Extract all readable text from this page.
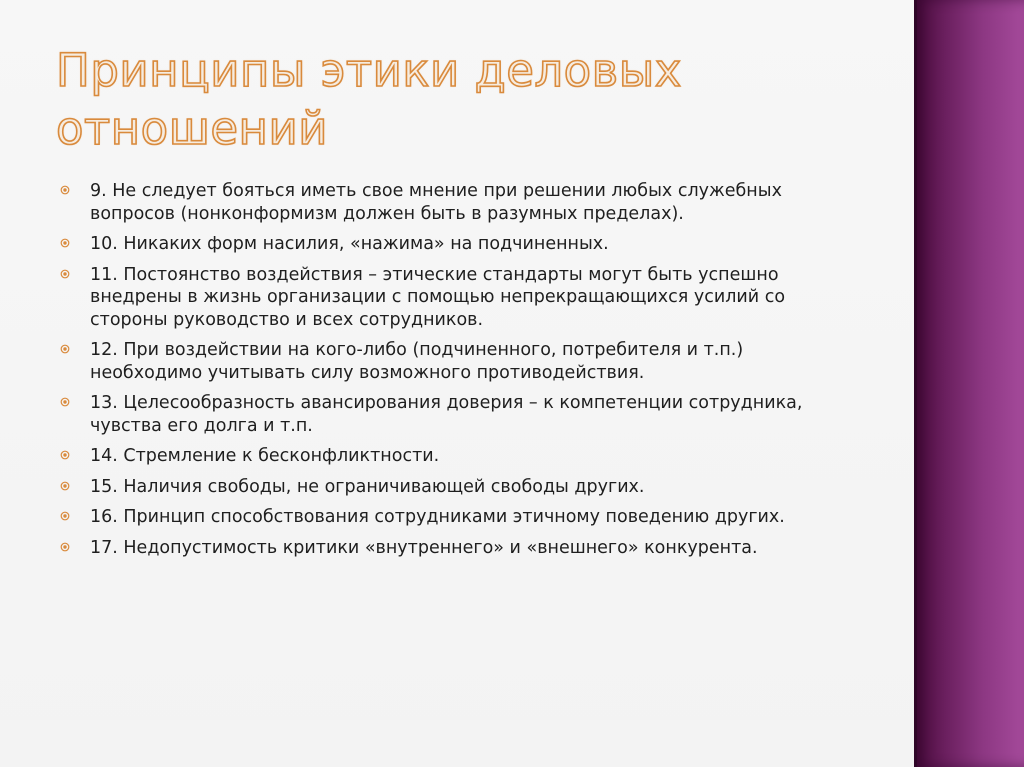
Принципы этики деловых отношений
9. Не следует бояться иметь свое мнение при решении любых служебных вопросов (нонконформизм должен быть в разумных пределах).
10. Никаких форм насилия, «нажима» на подчиненных.
11. Постоянство воздействия – этические стандарты могут быть успешно внедрены в жизнь организации с помощью непрекращающихся усилий со стороны руководство и всех сотрудников.
12. При воздействии на кого-либо (подчиненного, потребителя и т.п.) необходимо учитывать силу возможного противодействия.
13. Целесообразность авансирования доверия – к компетенции сотрудника, чувства его долга и т.п.
14. Стремление к бесконфликтности.
15. Наличия свободы, не ограничивающей свободы других.
16. Принцип способствования сотрудниками этичному поведению других.
17. Недопустимость критики «внутреннего» и «внешнего» конкурента.
